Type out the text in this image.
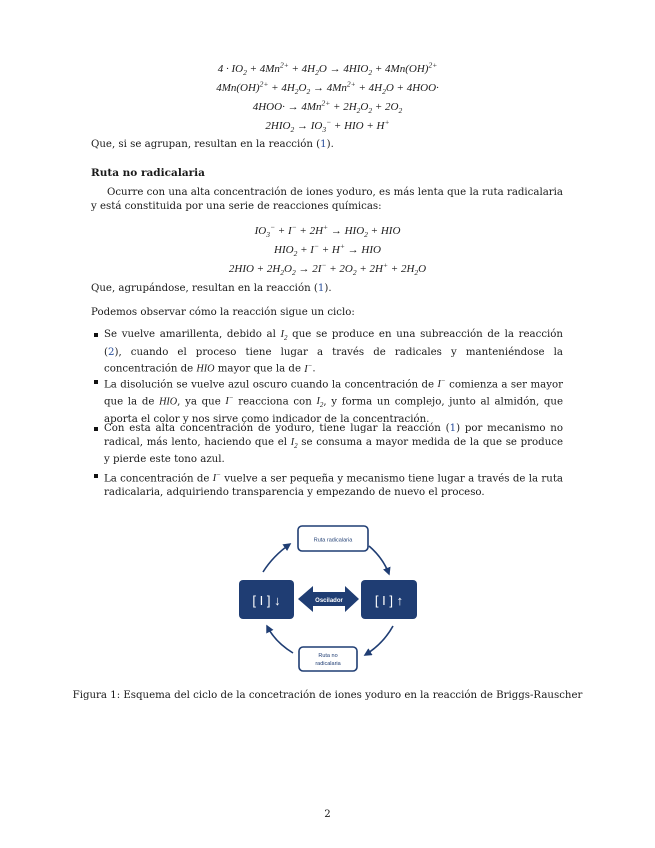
$4 \cdot IO_2 + 4Mn^{2+} + 4H_2O \to 4HIO_2 + 4Mn(OH)^{2+}$
$4Mn(OH)^{2+} + 4H_2O_2 \to 4Mn^{2+} + 4H_2O + 4HOO\cdot$
$4HOO\cdot \to 4Mn^{2+} + 2H_2O_2 + 2O_2$
$2HIO_2 \to IO_3^-$ + HIO + H+
Que, si se agrupan, resultan en la reacción (1).
Ruta no radicalaria
Ocurre con una alta concentración de iones yoduro, es más lenta que la ruta radicalaria y está constituida por una serie de reacciones químicas:
$IO_3^- + I^- + 2H^+ \to HIO_2$ + HIO
$HIO_2 + I^- + H^+$ → HIO
$2HIO + 2H_2O_2 \to 2I^- + 2O_2 + 2H^+ + 2H_2O$
Que, agrupándose, resultan en la reacción (1).
Podemos observar cómo la reacción sigue un ciclo:
Se vuelve amarillenta, debido al $I_2$ que se produce en una subreacción de la reacción (2), cuando el proceso tiene lugar a través de radicales y manteniéndose la concentración de HIO mayor que la de I−.
La disolución se vuelve azul oscuro cuando la concentración de I− comienza a ser mayor que la de HIO, ya que I− reacciona con $I_2$, y forma un complejo, junto al almidón, que aporta el color y nos sirve como indicador de la concentración.
Con esta alta concentración de yoduro, tiene lugar la reacción (1) por mecanismo no radical, más lento, haciendo que el $I_2$ se consuma a mayor medida de la que se produce y pierde este tono azul.
La concentración de I− vuelve a ser pequeña y mecanismo tiene lugar a través de la ruta radicalaria, adquiriendo transparencia y empezando de nuevo el proceso.
Ruta radicalaria
Ruta no
radicalaria
[ I ] ↓	[ I ] ↑
Oscilador
Figura 1: Esquema del ciclo de la concetración de iones yoduro en la reacción de Briggs-Rauscher
2
